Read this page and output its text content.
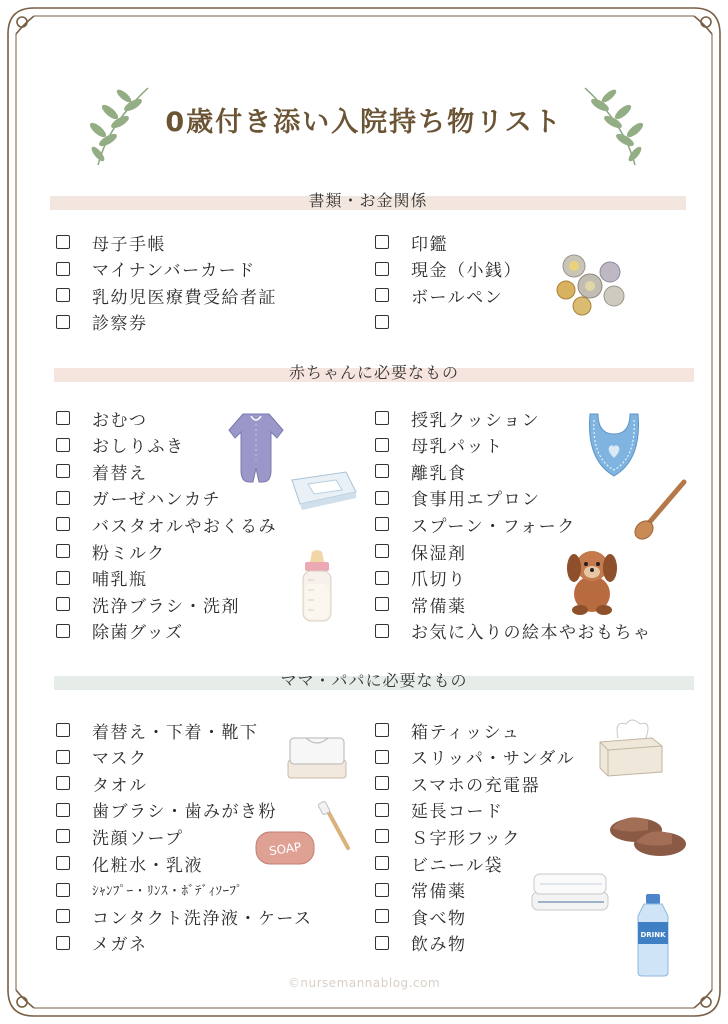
0歳付き添い入院持ち物リスト
書類・お金関係
母子手帳
マイナンバーカード
乳幼児医療費受給者証
診察券
印鑑
現金（小銭）
ボールペン
赤ちゃんに必要なもの
おむつ
おしりふき
着替え
ガーゼハンカチ
バスタオルやおくるみ
粉ミルク
哺乳瓶
洗浄ブラシ・洗剤
除菌グッズ
授乳クッション
母乳パット
離乳食
食事用エプロン
スプーン・フォーク
保湿剤
爪切り
常備薬
お気に入りの絵本やおもちゃ
ママ・パパに必要なもの
着替え・下着・靴下
マスク
タオル
歯ブラシ・歯みがき粉
洗顔ソープ
化粧水・乳液
ｼｬﾝﾌﾟｰ・ﾘﾝｽ・ﾎﾞﾃﾞｨｿｰﾌﾟ
コンタクト洗浄液・ケース
メガネ
箱ティッシュ
スリッパ・サンダル
スマホの充電器
延長コード
Ｓ字形フック
ビニール袋
常備薬
食べ物
飲み物
SOAP
DRINK
©nursemannablog.com
